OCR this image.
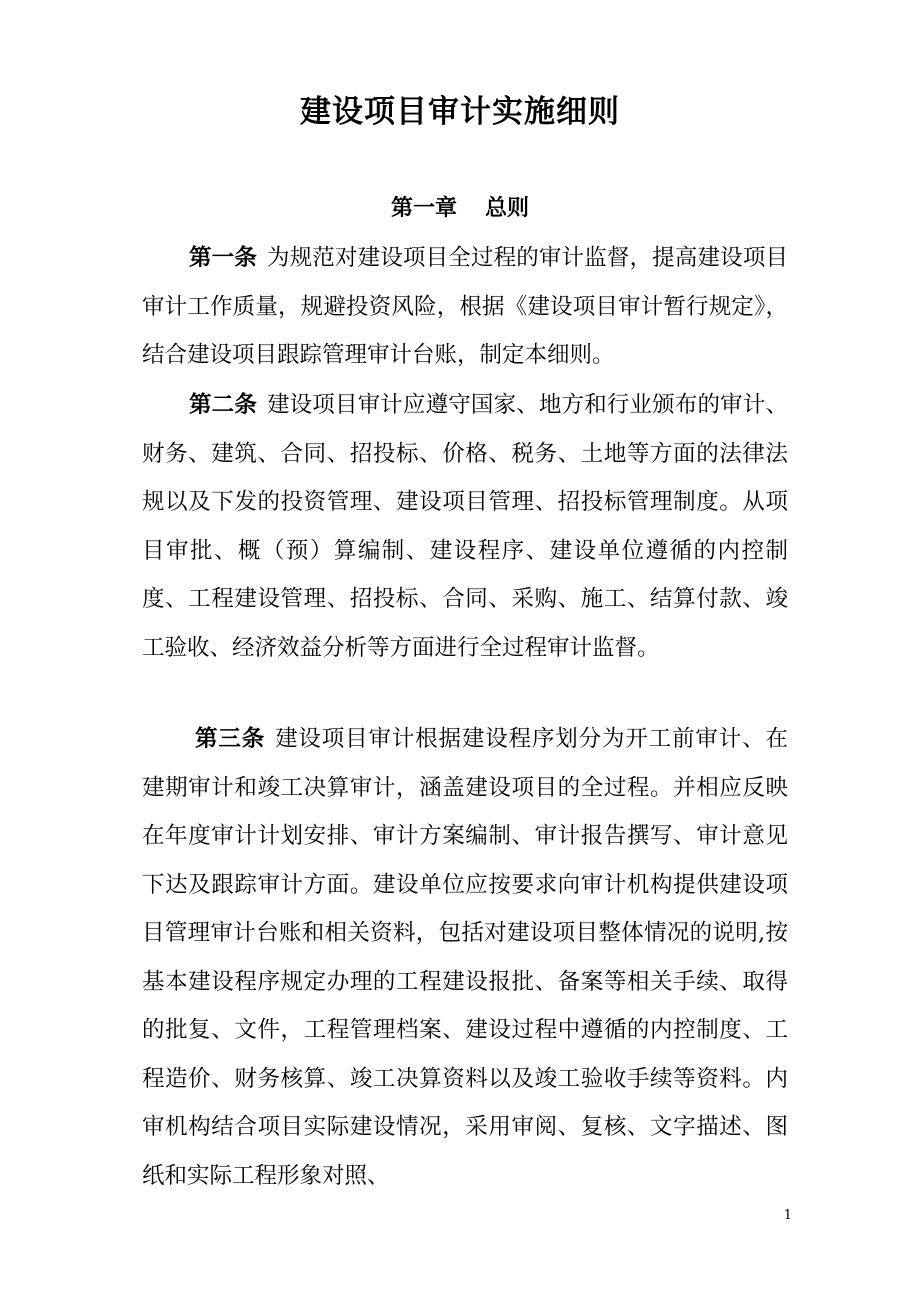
建设项目审计实施细则
第一章 总则

第一条 为规范对建设项目全过程的审计监督，提高建设项目审计工作质量，规避投资风险，根据《建设项目审计暂行规定》，结合建设项目跟踪管理审计台账，制定本细则。

第二条 建设项目审计应遵守国家、地方和行业颁布的审计、财务、建筑、合同、招投标、价格、税务、土地等方面的法律法规以及下发的投资管理、建设项目管理、招投标管理制度。从项目审批、概（预）算编制、建设程序、建设单位遵循的内控制度、工程建设管理、招投标、合同、采购、施工、结算付款、竣工验收、经济效益分析等方面进行全过程审计监督。

第三条 建设项目审计根据建设程序划分为开工前审计、在建期审计和竣工决算审计，涵盖建设项目的全过程。并相应反映在年度审计计划安排、审计方案编制、审计报告撰写、审计意见下达及跟踪审计方面。建设单位应按要求向审计机构提供建设项目管理审计台账和相关资料，包括对建设项目整体情况的说明,按基本建设程序规定办理的工程建设报批、备案等相关手续、取得的批复、文件，工程管理档案、建设过程中遵循的内控制度、工程造价、财务核算、竣工决算资料以及竣工验收手续等资料。内审机构结合项目实际建设情况，采用审阅、复核、文字描述、图纸和实际工程形象对照、

1
